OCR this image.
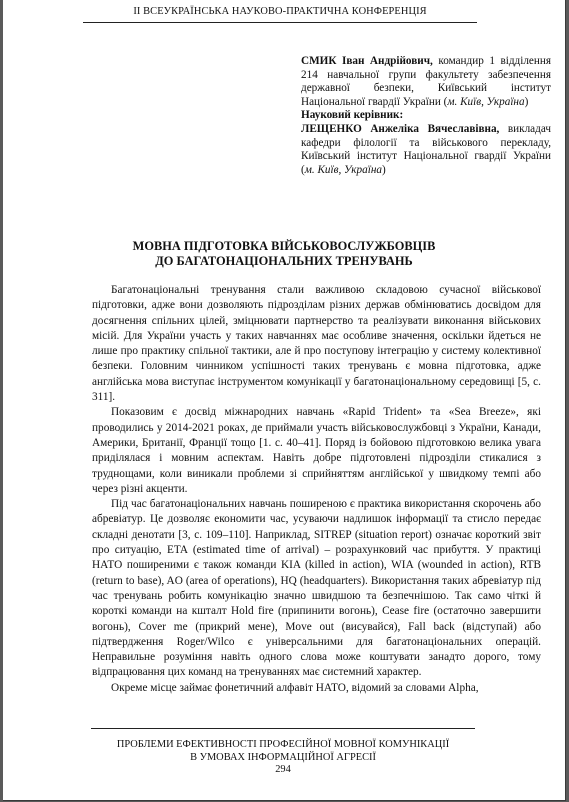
II ВСЕУКРАЇНСЬКА НАУКОВО-ПРАКТИЧНА КОНФЕРЕНЦІЯ

СМИК Іван Андрійович, командир 1 відділення 214 навчальної групи факультету забезпечення державної безпеки, Київський інститут Національної гвардії України (м. Київ, Україна)

Науковий керівник:

ЛЕЩЕНКО Анжеліка Вячеславівна, викладач кафедри філології та військового перекладу, Київський інститут Національної гвардії України (м. Київ, Україна)

МОВНА ПІДГОТОВКА ВІЙСЬКОВОСЛУЖБОВЦІВ
ДО БАГАТОНАЦІОНАЛЬНИХ ТРЕНУВАНЬ

Багатонаціональні тренування стали важливою складовою сучасної військової підготовки, адже вони дозволяють підрозділам різних держав обмінюватись досвідом для досягнення спільних цілей, зміцнювати партнерство та реалізувати виконання військових місій. Для України участь у таких навчаннях має особливе значення, оскільки йдеться не лише про практику спільної тактики, але й про поступову інтеграцію у систему колективної безпеки. Головним чинником успішності таких тренувань є мовна підготовка, адже англійська мова виступає інструментом комунікації у багатонаціональному середовищі [5, с. 311].

Показовим є досвід міжнародних навчань «Rapid Trident» та «Sea Breeze», які проводились у 2014-2021 роках, де приймали участь військовослужбовці з України, Канади, Америки, Британії, Франції тощо [1. с. 40–41]. Поряд із бойовою підготовкою велика увага приділялася і мовним аспектам. Навіть добре підготовлені підрозділи стикалися з труднощами, коли виникали проблеми зі сприйняттям англійської у швидкому темпі або через різні акценти.

Під час багатонаціональних навчань поширеною є практика використання скорочень або абревіатур. Це дозволяє економити час, усуваючи надлишок інформації та стисло передає складні денотати [3, с. 109–110]. Наприклад, SITREP (situation report) означає короткий звіт про ситуацію, ETA (estimated time of arrival) – розрахунковий час прибуття. У практиці НАТО поширеними є також команди KIA (killed in action), WIA (wounded in action), RTB (return to base), AO (area of operations), HQ (headquarters). Використання таких абревіатур під час тренувань робить комунікацію значно швидшою та безпечнішою. Так само чіткі й короткі команди на кшталт Hold fire (припинити вогонь), Cease fire (остаточно завершити вогонь), Cover me (прикрий мене), Move out (висувайся), Fall back (відступай) або підтвердження Roger/Wilco є універсальними для багатонаціональних операцій. Неправильне розуміння навіть одного слова може коштувати занадто дорого, тому відпрацювання цих команд на тренуваннях має системний характер.

Окреме місце займає фонетичний алфавіт НАТО, відомий за словами Alpha,

ПРОБЛЕМИ ЕФЕКТИВНОСТІ ПРОФЕСІЙНОЇ МОВНОЇ КОМУНІКАЦІЇ
В УМОВАХ ІНФОРМАЦІЙНОЇ АГРЕСІЇ
294
